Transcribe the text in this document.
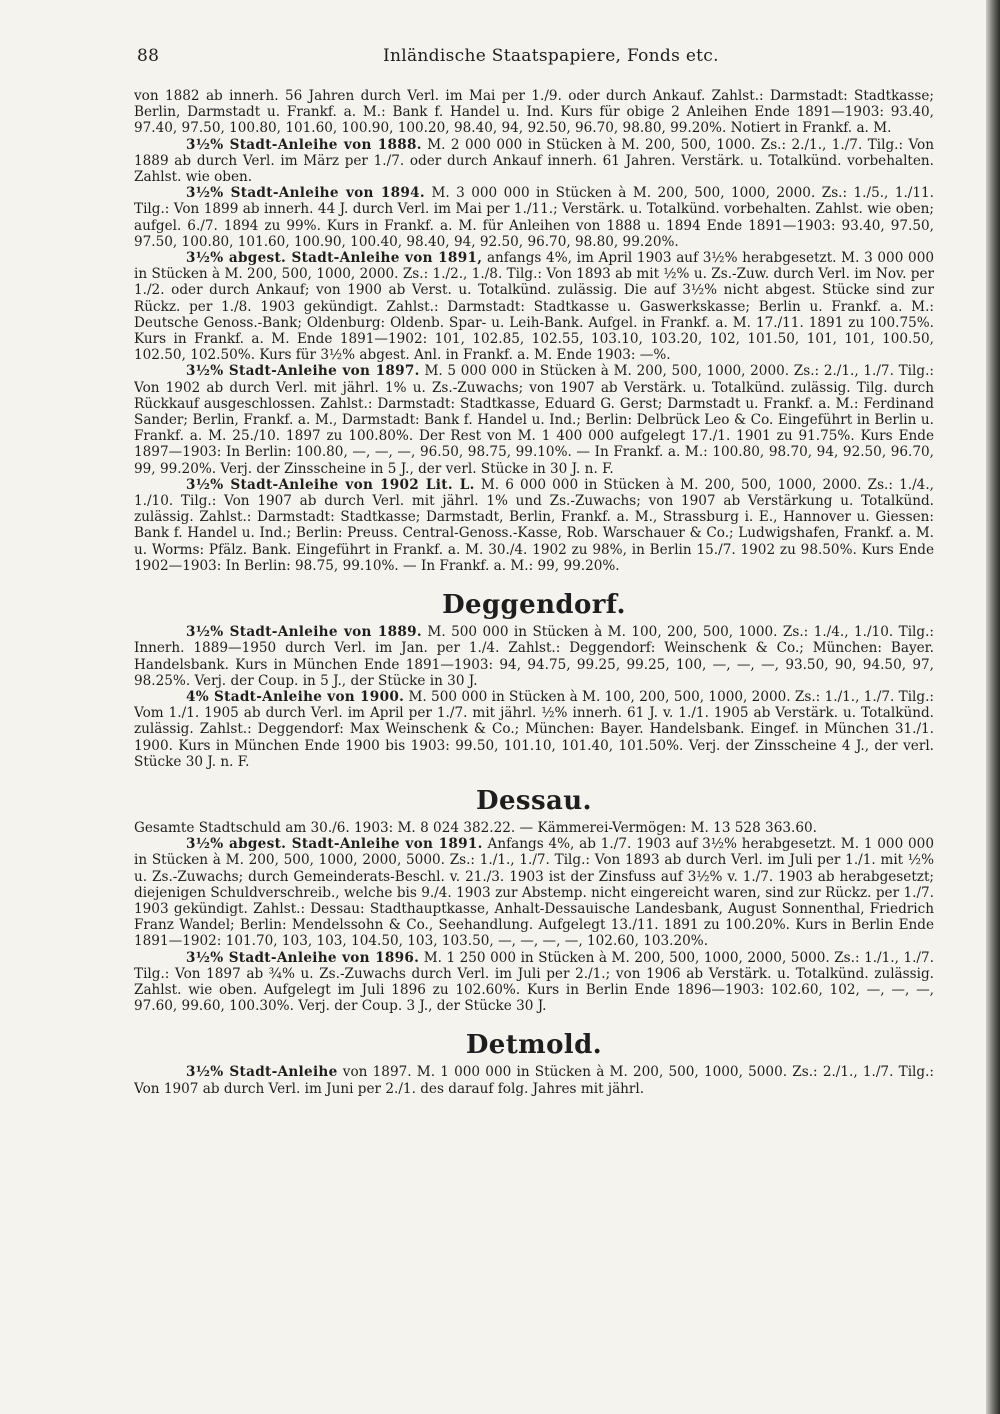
88	Inländische Staatspapiere, Fonds etc.

von 1882 ab innerh. 56 Jahren durch Verl. im Mai per 1./9. oder durch Ankauf. Zahlst.: Darmstadt: Stadtkasse; Berlin, Darmstadt u. Frankf. a. M.: Bank f. Handel u. Ind. Kurs für obige 2 Anleihen Ende 1891—1903: 93.40, 97.40, 97.50, 100.80, 101.60, 100.90, 100.20, 98.40, 94, 92.50, 96.70, 98.80, 99.20%. Notiert in Frankf. a. M.

3½% Stadt-Anleihe von 1888. M. 2 000 000 in Stücken à M. 200, 500, 1000. Zs.: 2./1., 1./7. Tilg.: Von 1889 ab durch Verl. im März per 1./7. oder durch Ankauf innerh. 61 Jahren. Verstärk. u. Totalkünd. vorbehalten. Zahlst. wie oben.

3½% Stadt-Anleihe von 1894. M. 3 000 000 in Stücken à M. 200, 500, 1000, 2000. Zs.: 1./5., 1./11. Tilg.: Von 1899 ab innerh. 44 J. durch Verl. im Mai per 1./11.; Verstärk. u. Totalkünd. vorbehalten. Zahlst. wie oben; aufgel. 6./7. 1894 zu 99%. Kurs in Frankf. a. M. für Anleihen von 1888 u. 1894 Ende 1891—1903: 93.40, 97.50, 97.50, 100.80, 101.60, 100.90, 100.40, 98.40, 94, 92.50, 96.70, 98.80, 99.20%.

3½% abgest. Stadt-Anleihe von 1891, anfangs 4%, im April 1903 auf 3½% herabgesetzt. M. 3 000 000 in Stücken à M. 200, 500, 1000, 2000. Zs.: 1./2., 1./8. Tilg.: Von 1893 ab mit ½% u. Zs.-Zuw. durch Verl. im Nov. per 1./2. oder durch Ankauf; von 1900 ab Verst. u. Totalkünd. zulässig. Die auf 3½% nicht abgest. Stücke sind zur Rückz. per 1./8. 1903 gekündigt. Zahlst.: Darmstadt: Stadtkasse u. Gaswerkskasse; Berlin u. Frankf. a. M.: Deutsche Genoss.-Bank; Oldenburg: Oldenb. Spar- u. Leih-Bank. Aufgel. in Frankf. a. M. 17./11. 1891 zu 100.75%. Kurs in Frankf. a. M. Ende 1891—1902: 101, 102.85, 102.55, 103.10, 103.20, 102, 101.50, 101, 101, 100.50, 102.50, 102.50%. Kurs für 3½% abgest. Anl. in Frankf. a. M. Ende 1903: —%.

3½% Stadt-Anleihe von 1897. M. 5 000 000 in Stücken à M. 200, 500, 1000, 2000. Zs.: 2./1., 1./7. Tilg.: Von 1902 ab durch Verl. mit jährl. 1% u. Zs.-Zuwachs; von 1907 ab Verstärk. u. Totalkünd. zulässig. Tilg. durch Rückkauf ausgeschlossen. Zahlst.: Darmstadt: Stadtkasse, Eduard G. Gerst; Darmstadt u. Frankf. a. M.: Ferdinand Sander; Berlin, Frankf. a. M., Darmstadt: Bank f. Handel u. Ind.; Berlin: Delbrück Leo & Co. Eingeführt in Berlin u. Frankf. a. M. 25./10. 1897 zu 100.80%. Der Rest von M. 1 400 000 aufgelegt 17./1. 1901 zu 91.75%. Kurs Ende 1897—1903: In Berlin: 100.80, —, —, —, 96.50, 98.75, 99.10%. — In Frankf. a. M.: 100.80, 98.70, 94, 92.50, 96.70, 99, 99.20%. Verj. der Zinsscheine in 5 J., der verl. Stücke in 30 J. n. F.

3½% Stadt-Anleihe von 1902 Lit. L. M. 6 000 000 in Stücken à M. 200, 500, 1000, 2000. Zs.: 1./4., 1./10. Tilg.: Von 1907 ab durch Verl. mit jährl. 1% und Zs.-Zuwachs; von 1907 ab Verstärkung u. Totalkünd. zulässig. Zahlst.: Darmstadt: Stadtkasse; Darmstadt, Berlin, Frankf. a. M., Strassburg i. E., Hannover u. Giessen: Bank f. Handel u. Ind.; Berlin: Preuss. Central-Genoss.-Kasse, Rob. Warschauer & Co.; Ludwigshafen, Frankf. a. M. u. Worms: Pfälz. Bank. Eingeführt in Frankf. a. M. 30./4. 1902 zu 98%, in Berlin 15./7. 1902 zu 98.50%. Kurs Ende 1902—1903: In Berlin: 98.75, 99.10%. — In Frankf. a. M.: 99, 99.20%.

Deggendorf.

3½% Stadt-Anleihe von 1889. M. 500 000 in Stücken à M. 100, 200, 500, 1000. Zs.: 1./4., 1./10. Tilg.: Innerh. 1889—1950 durch Verl. im Jan. per 1./4. Zahlst.: Deggendorf: Weinschenk & Co.; München: Bayer. Handelsbank. Kurs in München Ende 1891—1903: 94, 94.75, 99.25, 99.25, 100, —, —, —, 93.50, 90, 94.50, 97, 98.25%. Verj. der Coup. in 5 J., der Stücke in 30 J.

4% Stadt-Anleihe von 1900. M. 500 000 in Stücken à M. 100, 200, 500, 1000, 2000. Zs.: 1./1., 1./7. Tilg.: Vom 1./1. 1905 ab durch Verl. im April per 1./7. mit jährl. ½% innerh. 61 J. v. 1./1. 1905 ab Verstärk. u. Totalkünd. zulässig. Zahlst.: Deggendorf: Max Weinschenk & Co.; München: Bayer. Handelsbank. Eingef. in München 31./1. 1900. Kurs in München Ende 1900 bis 1903: 99.50, 101.10, 101.40, 101.50%. Verj. der Zinsscheine 4 J., der verl. Stücke 30 J. n. F.

Dessau.

Gesamte Stadtschuld am 30./6. 1903: M. 8 024 382.22. — Kämmerei-Vermögen: M. 13 528 363.60.

3½% abgest. Stadt-Anleihe von 1891. Anfangs 4%, ab 1./7. 1903 auf 3½% herabgesetzt. M. 1 000 000 in Stücken à M. 200, 500, 1000, 2000, 5000. Zs.: 1./1., 1./7. Tilg.: Von 1893 ab durch Verl. im Juli per 1./1. mit ½% u. Zs.-Zuwachs; durch Gemeinderats-Beschl. v. 21./3. 1903 ist der Zinsfuss auf 3½% v. 1./7. 1903 ab herabgesetzt; diejenigen Schuldverschreib., welche bis 9./4. 1903 zur Abstemp. nicht eingereicht waren, sind zur Rückz. per 1./7. 1903 gekündigt. Zahlst.: Dessau: Stadthauptkasse, Anhalt-Dessauische Landesbank, August Sonnenthal, Friedrich Franz Wandel; Berlin: Mendelssohn & Co., Seehandlung. Aufgelegt 13./11. 1891 zu 100.20%. Kurs in Berlin Ende 1891—1902: 101.70, 103, 103, 104.50, 103, 103.50, —, —, —, —, 102.60, 103.20%.

3½% Stadt-Anleihe von 1896. M. 1 250 000 in Stücken à M. 200, 500, 1000, 2000, 5000. Zs.: 1./1., 1./7. Tilg.: Von 1897 ab ¾% u. Zs.-Zuwachs durch Verl. im Juli per 2./1.; von 1906 ab Verstärk. u. Totalkünd. zulässig. Zahlst. wie oben. Aufgelegt im Juli 1896 zu 102.60%. Kurs in Berlin Ende 1896—1903: 102.60, 102, —, —, —, 97.60, 99.60, 100.30%. Verj. der Coup. 3 J., der Stücke 30 J.

Detmold.

3½% Stadt-Anleihe von 1897. M. 1 000 000 in Stücken à M. 200, 500, 1000, 5000. Zs.: 2./1., 1./7. Tilg.: Von 1907 ab durch Verl. im Juni per 2./1. des darauf folg. Jahres mit jährl.
